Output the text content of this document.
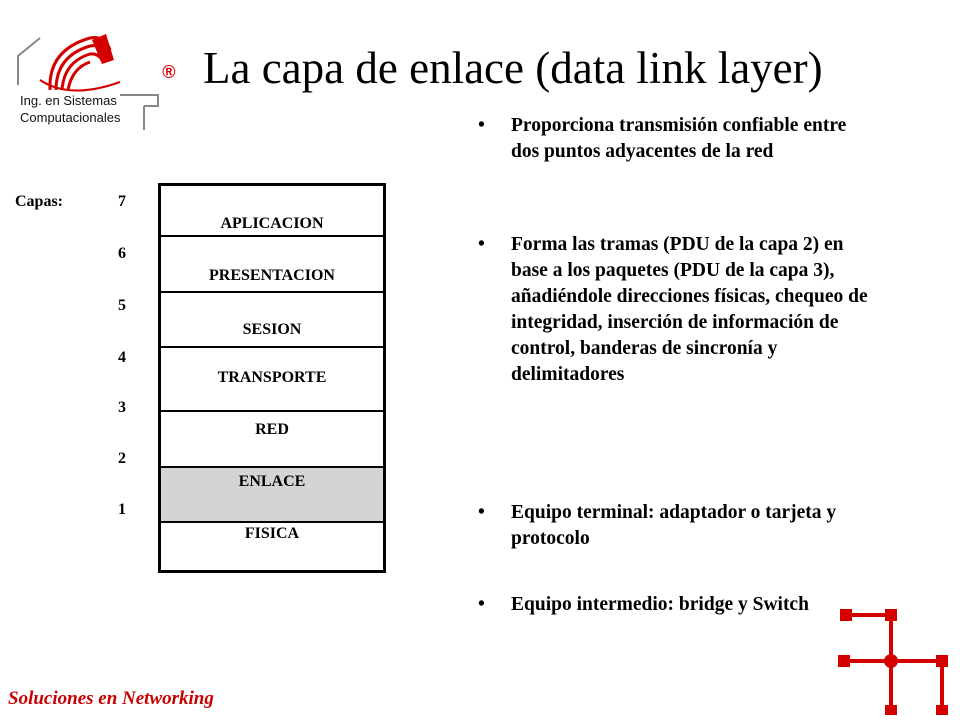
Ing. en Sistemas
Computacionales
® La capa de enlace (data link layer)
Capas:	7
6
5
4
3
2
1
APLICACION
PRESENTACION
SESION
TRANSPORTE
RED
ENLACE
FISICA
• Proporciona transmisión confiable entre dos puntos adyacentes de la red
• Forma las tramas (PDU de la capa 2) en base a los paquetes (PDU de la capa 3), añadiéndole direcciones físicas, chequeo de integridad, inserción de información de control, banderas de sincronía y delimitadores
• Equipo terminal: adaptador o tarjeta y protocolo
• Equipo intermedio: bridge y Switch
Soluciones en Networking
